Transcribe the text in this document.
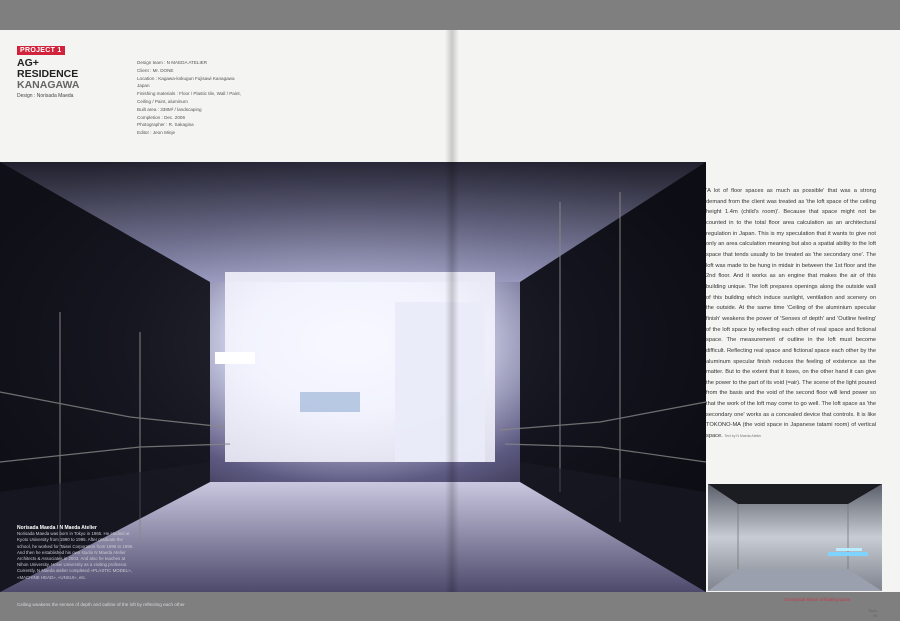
PROJECT 1
AG+
RESIDENCE
KANAGAWA
Design : Norisada Maeda
Design team : N MAEDA ATELIER
Client : Mr. DONE
Location : Kagawa-kokugun Fujisawi Kanagawa
Japan
Finishing materials : Floor / Plastic tile, Wall / Paint,
Ceiling / Paint, aluminum
Built area : 338M² / landscaping
Completion : Dec. 2006
Photographer : R. Sakagina
Editor : Jeon Minje
Norisada Maeda / N Maeda Atelier
Norisada Maeda was born in Tokyo in 1965. He studied at Kyoto University from 1990 to 1995. After graduate the school, he worked for Taisei Corporation from 1995 to 1999. And then he established his own studio N Maeda Atelier Architects & Associates in 2003. And also he teaches at Nihon University, Hosei University as a visiting professor. Currently, N Maeda atelier completed «PLASTIC MODEL», «MACHINE HEAD», «UNSUI», etc.
Ceiling weakens the senses of depth and outline of the loft by reflecting each other
'A lot of floor spaces as much as possible' that was a strong demand from the client was treated as 'the loft space of the ceiling height 1.4m (child's room)'. Because that space might not be counted in to the total floor area calculation as an architectural regulation in Japan. This is my speculation that it wants to give not only an area calculation meaning but also a spatial ability to the loft space that tends usually to be treated as 'the secondary one'. The loft was made to be hung in midair in between the 1st floor and the 2nd floor. And it works as an engine that makes the air of this building unique. The loft prepares openings along the outside wall of this building which induce sunlight, ventilation and scenery on the outside. At the same time 'Ceiling of the aluminium specular finish' weakens the power of 'Senses of depth' and 'Outline feeling' of the loft space by reflecting each other of real space and fictional space. The measurement of outline in the loft must become difficult. Reflecting real space and fictional space each other by the aluminum specular finish reduces the feeling of existence as the matter. But to the extent that it loses, on the other hand it can give the power to the part of its void (=air). The scene of the light poured from the basis and the void of the second floor will lend power so that the work of the loft may come to go well. The loft space as 'the secondary one' works as a concealed device that controls. It is like TOKONO-MA (the void space in Japanese tatami room) of vertical space. Text by N Maeda Atelier
Conceptual sketch of floating space
Topic
95
